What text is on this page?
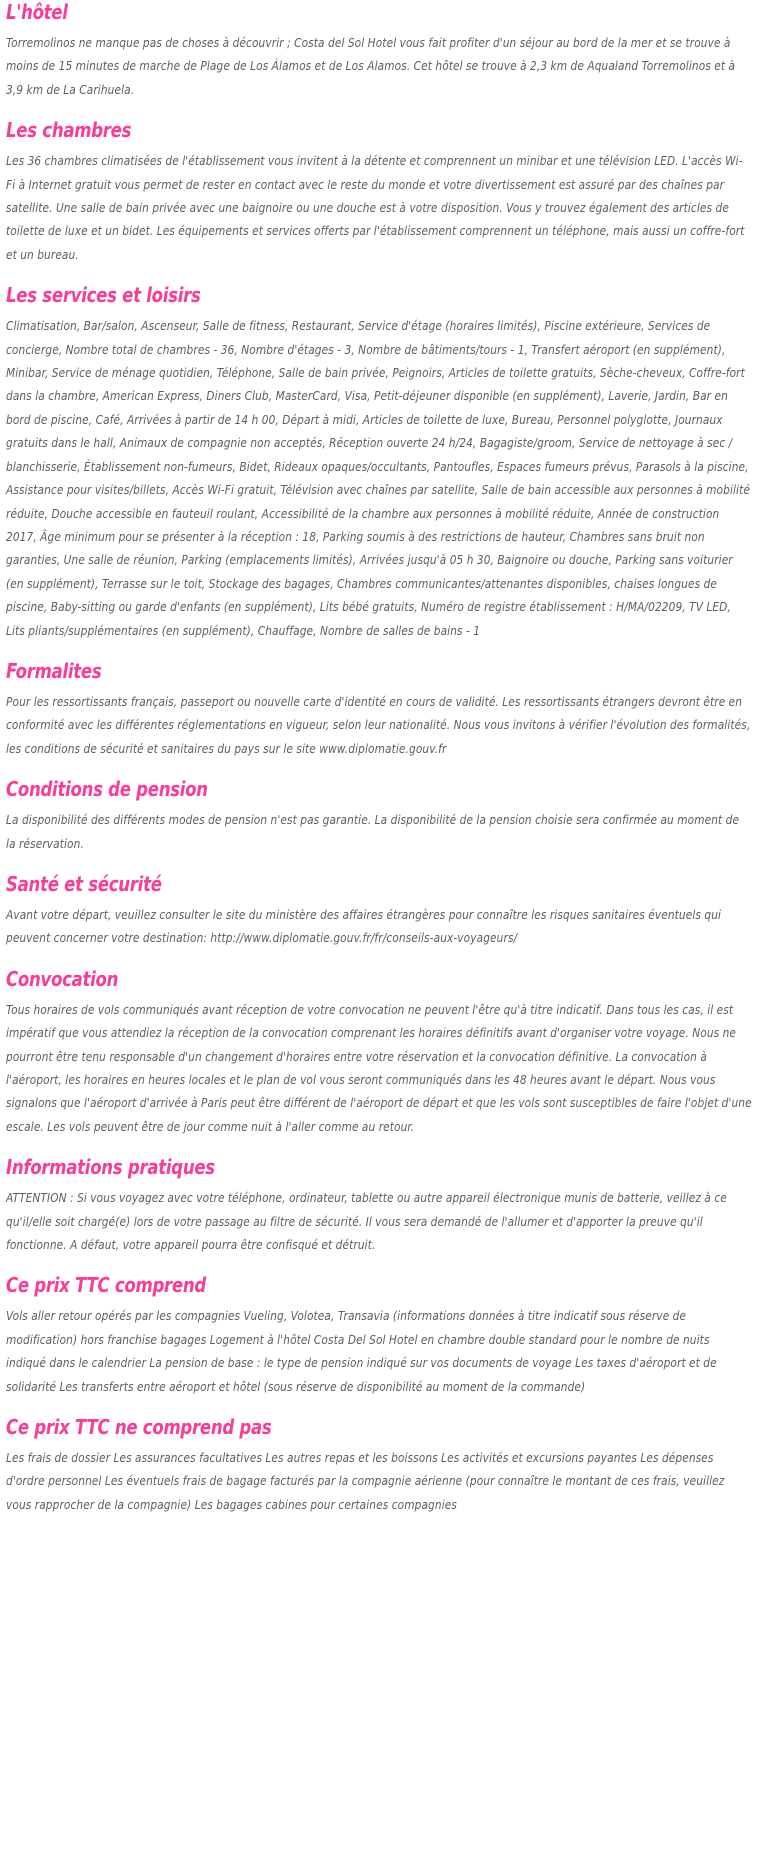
L'hôtel

Torremolinos ne manque pas de choses à découvrir ; Costa del Sol Hotel vous fait profiter d'un séjour au bord de la mer et se trouve à moins de 15 minutes de marche de Plage de Los Álamos et de Los Alamos. Cet hôtel se trouve à 2,3 km de Aqualand Torremolinos et à 3,9 km de La Carihuela.

Les chambres

Les 36 chambres climatisées de l'établissement vous invitent à la détente et comprennent un minibar et une télévision LED. L'accès Wi-Fi à Internet gratuit vous permet de rester en contact avec le reste du monde et votre divertissement est assuré par des chaînes par satellite. Une salle de bain privée avec une baignoire ou une douche est à votre disposition. Vous y trouvez également des articles de toilette de luxe et un bidet. Les équipements et services offerts par l'établissement comprennent un téléphone, mais aussi un coffre-fort et un bureau.

Les services et loisirs

Climatisation, Bar/salon, Ascenseur, Salle de fitness, Restaurant, Service d'étage (horaires limités), Piscine extérieure, Services de concierge, Nombre total de chambres - 36, Nombre d'étages - 3, Nombre de bâtiments/tours - 1, Transfert aéroport (en supplément), Minibar, Service de ménage quotidien, Téléphone, Salle de bain privée, Peignoirs, Articles de toilette gratuits, Sèche-cheveux, Coffre-fort dans la chambre, American Express, Diners Club, MasterCard, Visa, Petit-déjeuner disponible (en supplément), Laverie, Jardin, Bar en bord de piscine, Café, Arrivées à partir de 14 h 00, Départ à midi, Articles de toilette de luxe, Bureau, Personnel polyglotte, Journaux gratuits dans le hall, Animaux de compagnie non acceptés, Réception ouverte 24 h/24, Bagagiste/groom, Service de nettoyage à sec / blanchisserie, Établissement non-fumeurs, Bidet, Rideaux opaques/occultants, Pantoufles, Espaces fumeurs prévus, Parasols à la piscine, Assistance pour visites/billets, Accès Wi-Fi gratuit, Télévision avec chaînes par satellite, Salle de bain accessible aux personnes à mobilité réduite, Douche accessible en fauteuil roulant, Accessibilité de la chambre aux personnes à mobilité réduite, Année de construction 2017, Âge minimum pour se présenter à la réception : 18, Parking soumis à des restrictions de hauteur, Chambres sans bruit non garanties, Une salle de réunion, Parking (emplacements limités), Arrivées jusqu'à 05 h 30, Baignoire ou douche, Parking sans voiturier (en supplément), Terrasse sur le toit, Stockage des bagages, Chambres communicantes/attenantes disponibles, chaises longues de piscine, Baby-sitting ou garde d'enfants (en supplément), Lits bébé gratuits, Numéro de registre établissement : H/MA/02209, TV LED, Lits pliants/supplémentaires (en supplément), Chauffage, Nombre de salles de bains - 1

Formalites

Pour les ressortissants français, passeport ou nouvelle carte d'identité en cours de validité. Les ressortissants étrangers devront être en conformité avec les différentes réglementations en vigueur, selon leur nationalité. Nous vous invitons à vérifier l'évolution des formalités, les conditions de sécurité et sanitaires du pays sur le site www.diplomatie.gouv.fr

Conditions de pension

La disponibilité des différents modes de pension n'est pas garantie. La disponibilité de la pension choisie sera confirmée au moment de la réservation.

Santé et sécurité

Avant votre départ, veuillez consulter le site du ministère des affaires étrangères pour connaître les risques sanitaires éventuels qui peuvent concerner votre destination: http://www.diplomatie.gouv.fr/fr/conseils-aux-voyageurs/

Convocation

Tous horaires de vols communiqués avant réception de votre convocation ne peuvent l'être qu'à titre indicatif. Dans tous les cas, il est impératif que vous attendiez la réception de la convocation comprenant les horaires définitifs avant d'organiser votre voyage. Nous ne pourront être tenu responsable d'un changement d'horaires entre votre réservation et la convocation définitive. La convocation à l'aéroport, les horaires en heures locales et le plan de vol vous seront communiqués dans les 48 heures avant le départ. Nous vous signalons que l'aéroport d'arrivée à Paris peut être différent de l'aéroport de départ et que les vols sont susceptibles de faire l'objet d'une escale. Les vols peuvent être de jour comme nuit à l'aller comme au retour.

Informations pratiques

ATTENTION : Si vous voyagez avec votre téléphone, ordinateur, tablette ou autre appareil électronique munis de batterie, veillez à ce qu'il/elle soit chargé(e) lors de votre passage au filtre de sécurité. Il vous sera demandé de l'allumer et d'apporter la preuve qu'il fonctionne. A défaut, votre appareil pourra être confisqué et détruit.

Ce prix TTC comprend

Vols aller retour opérés par les compagnies Vueling, Volotea, Transavia (informations données à titre indicatif sous réserve de modification) hors franchise bagages Logement à l'hôtel Costa Del Sol Hotel en chambre double standard pour le nombre de nuits indiqué dans le calendrier La pension de base : le type de pension indiqué sur vos documents de voyage Les taxes d'aéroport et de solidarité Les transferts entre aéroport et hôtel (sous réserve de disponibilité au moment de la commande)

Ce prix TTC ne comprend pas

Les frais de dossier Les assurances facultatives Les autres repas et les boissons Les activités et excursions payantes Les dépenses d'ordre personnel Les éventuels frais de bagage facturés par la compagnie aérienne (pour connaître le montant de ces frais, veuillez vous rapprocher de la compagnie) Les bagages cabines pour certaines compagnies
